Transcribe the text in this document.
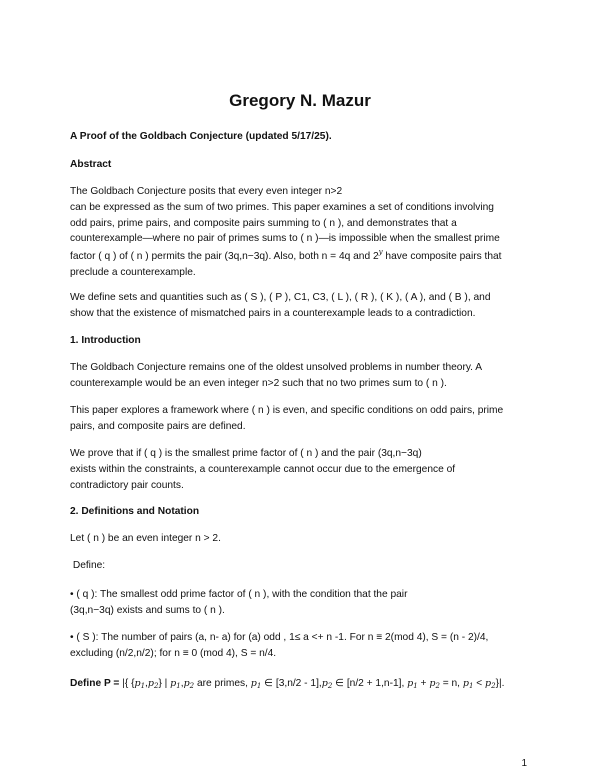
Gregory N. Mazur

A Proof of the Goldbach Conjecture (updated 5/17/25).

Abstract

The Goldbach Conjecture posits that every even integer n>2
can be expressed as the sum of two primes. This paper examines a set of conditions involving
odd pairs, prime pairs, and composite pairs summing to ( n ), and demonstrates that a
counterexample—where no pair of primes sums to ( n )—is impossible when the smallest prime
factor ( q ) of ( n ) permits the pair (3q,n−3q). Also, both n = 4q and 2$^y$ have composite pairs that
preclude a counterexample.

We define sets and quantities such as ( S ), ( P ), C1, C3, ( L ), ( R ), ( K ), ( A ), and ( B ), and
show that the existence of mismatched pairs in a counterexample leads to a contradiction.

1. Introduction

The Goldbach Conjecture remains one of the oldest unsolved problems in number theory. A
counterexample would be an even integer n>2 such that no two primes sum to ( n ).

This paper explores a framework where ( n ) is even, and specific conditions on odd pairs, prime
pairs, and composite pairs are defined.

We prove that if ( q ) is the smallest prime factor of ( n ) and the pair (3q,n−3q)
exists within the constraints, a counterexample cannot occur due to the emergence of
contradictory pair counts.

2. Definitions and Notation

Let ( n ) be an even integer n > 2.

Define:

• ( q ): The smallest odd prime factor of ( n ), with the condition that the pair
(3q,n−3q) exists and sums to ( n ).

• ( S ): The number of pairs (a, n- a) for (a) odd , 1≤ a <+ n -1. For n ≡ 2(mod 4), S = (n - 2)/4,
excluding (n/2,n/2); for n ≡ 0 (mod 4), S = n/4.

Define P = |{ $\{p_1,p_2\}$ | $p_1,p_2$ are primes, $p_1$ ∈ $[3,n/2 - 1],p_2$ ∈ [n/2 + 1,n-1], $p_1 + p_2 = n$, $p_1 < p_2\}|$.

1
